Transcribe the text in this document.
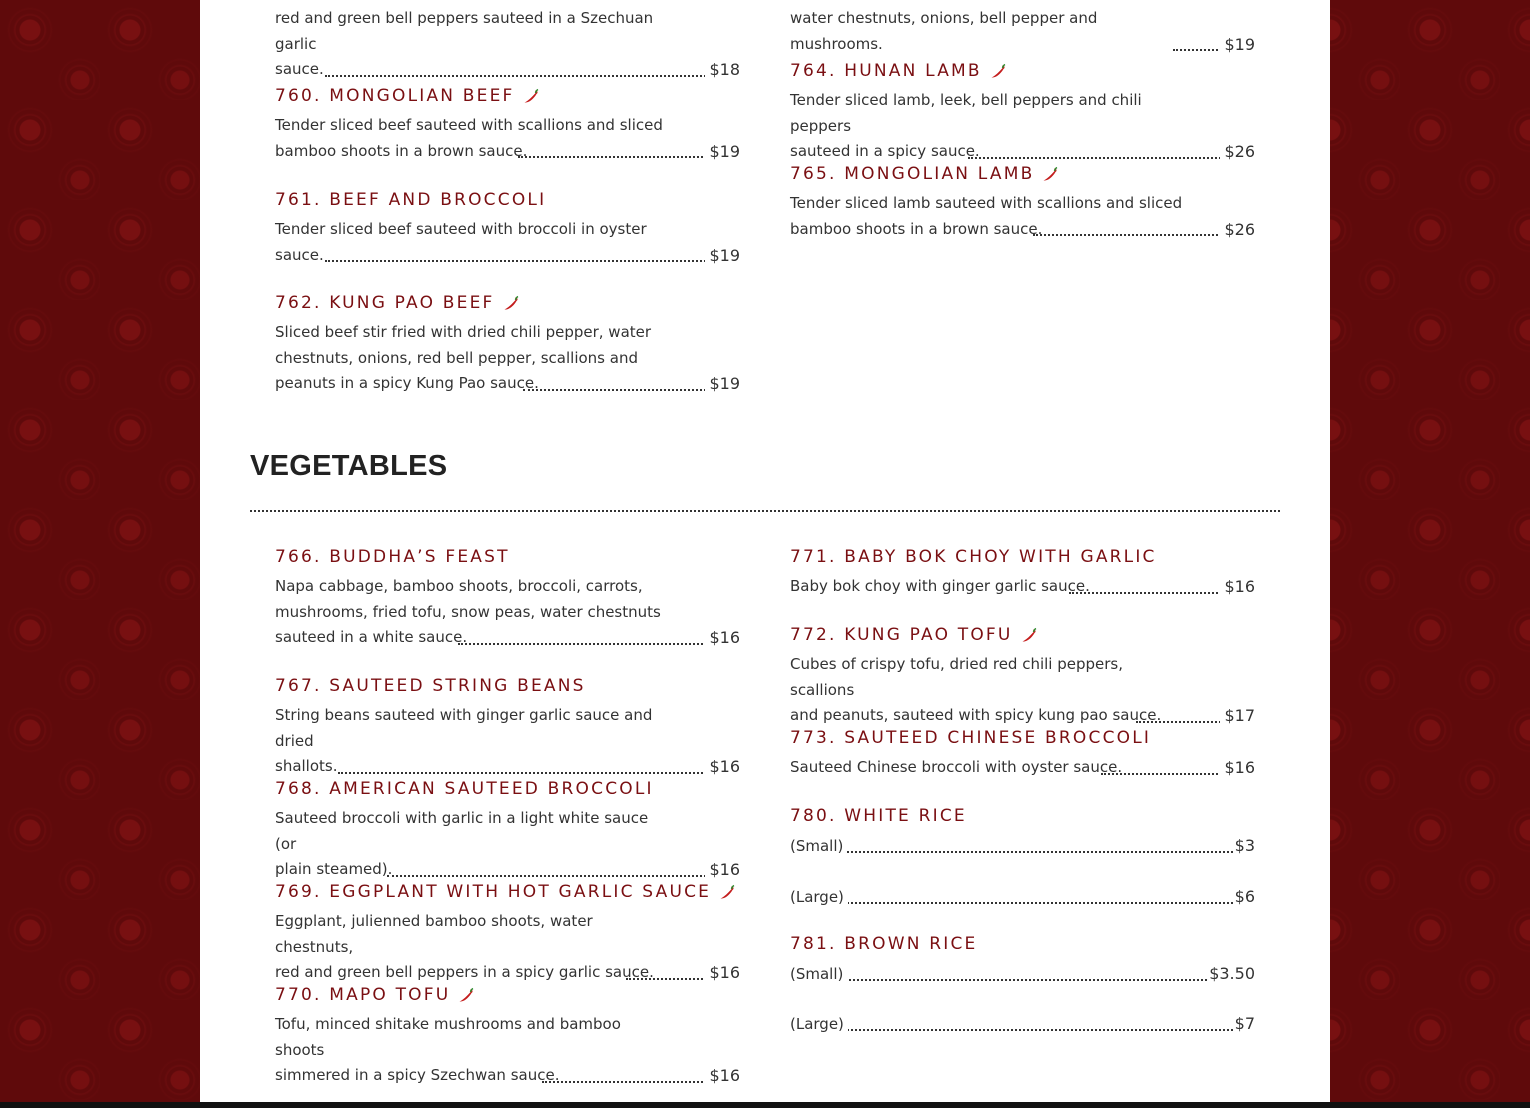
red and green bell peppers sauteed in a Szechuan garlic
sauce.	$18
760. MONGOLIAN BEEF
Tender sliced beef sauteed with scallions and sliced
bamboo shoots in a brown sauce.	$19
761. BEEF AND BROCCOLI
Tender sliced beef sauteed with broccoli in oyster
sauce.	$19
762. KUNG PAO BEEF
Sliced beef stir fried with dried chili pepper, water
chestnuts, onions, red bell pepper, scallions and
peanuts in a spicy Kung Pao sauce.	$19
water chestnuts, onions, bell pepper and mushrooms.	$19
764. HUNAN LAMB
Tender sliced lamb, leek, bell peppers and chili peppers
sauteed in a spicy sauce.	$26
765. MONGOLIAN LAMB
Tender sliced lamb sauteed with scallions and sliced
bamboo shoots in a brown sauce.	$26
VEGETABLES
766. BUDDHA’S FEAST
Napa cabbage, bamboo shoots, broccoli, carrots,
mushrooms, fried tofu, snow peas, water chestnuts
sauteed in a white sauce.	$16
767. SAUTEED STRING BEANS
String beans sauteed with ginger garlic sauce and dried
shallots.	$16
768. AMERICAN SAUTEED BROCCOLI
Sauteed broccoli with garlic in a light white sauce (or
plain steamed).	$16
769. EGGPLANT WITH HOT GARLIC SAUCE
Eggplant, julienned bamboo shoots, water chestnuts,
red and green bell peppers in a spicy garlic sauce.	$16
770. MAPO TOFU
Tofu, minced shitake mushrooms and bamboo shoots
simmered in a spicy Szechwan sauce.	$16
771. BABY BOK CHOY WITH GARLIC
Baby bok choy with ginger garlic sauce.	$16
772. KUNG PAO TOFU
Cubes of crispy tofu, dried red chili peppers, scallions
and peanuts, sauteed with spicy kung pao sauce.	$17
773. SAUTEED CHINESE BROCCOLI
Sauteed Chinese broccoli with oyster sauce.	$16
780. WHITE RICE
(Small)	$3
(Large)	$6
781. BROWN RICE
(Small)	$3.50
(Large)	$7
